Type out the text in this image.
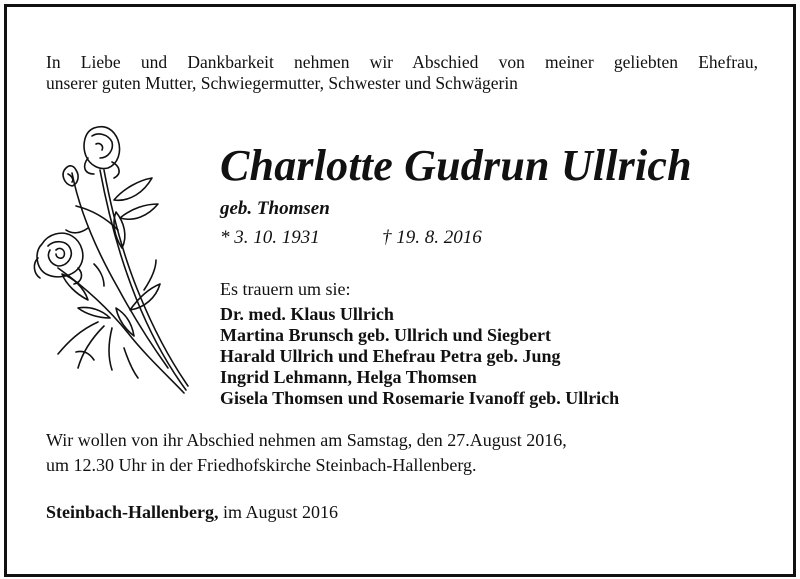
In Liebe und Dankbarkeit nehmen wir Abschied von meiner geliebten Ehefrau,
unserer guten Mutter, Schwiegermutter, Schwester und Schwägerin
Charlotte Gudrun Ullrich
geb. Thomsen
* 3. 10. 1931	† 19. 8. 2016
Es trauern um sie:
Dr. med. Klaus Ullrich
Martina Brunsch geb. Ullrich und Siegbert
Harald Ullrich und Ehefrau Petra geb. Jung
Ingrid Lehmann, Helga Thomsen
Gisela Thomsen und Rosemarie Ivanoff geb. Ullrich
Wir wollen von ihr Abschied nehmen am Samstag, den 27.August 2016,
um 12.30 Uhr in der Friedhofskirche Steinbach-Hallenberg.
Steinbach-Hallenberg, im August 2016
